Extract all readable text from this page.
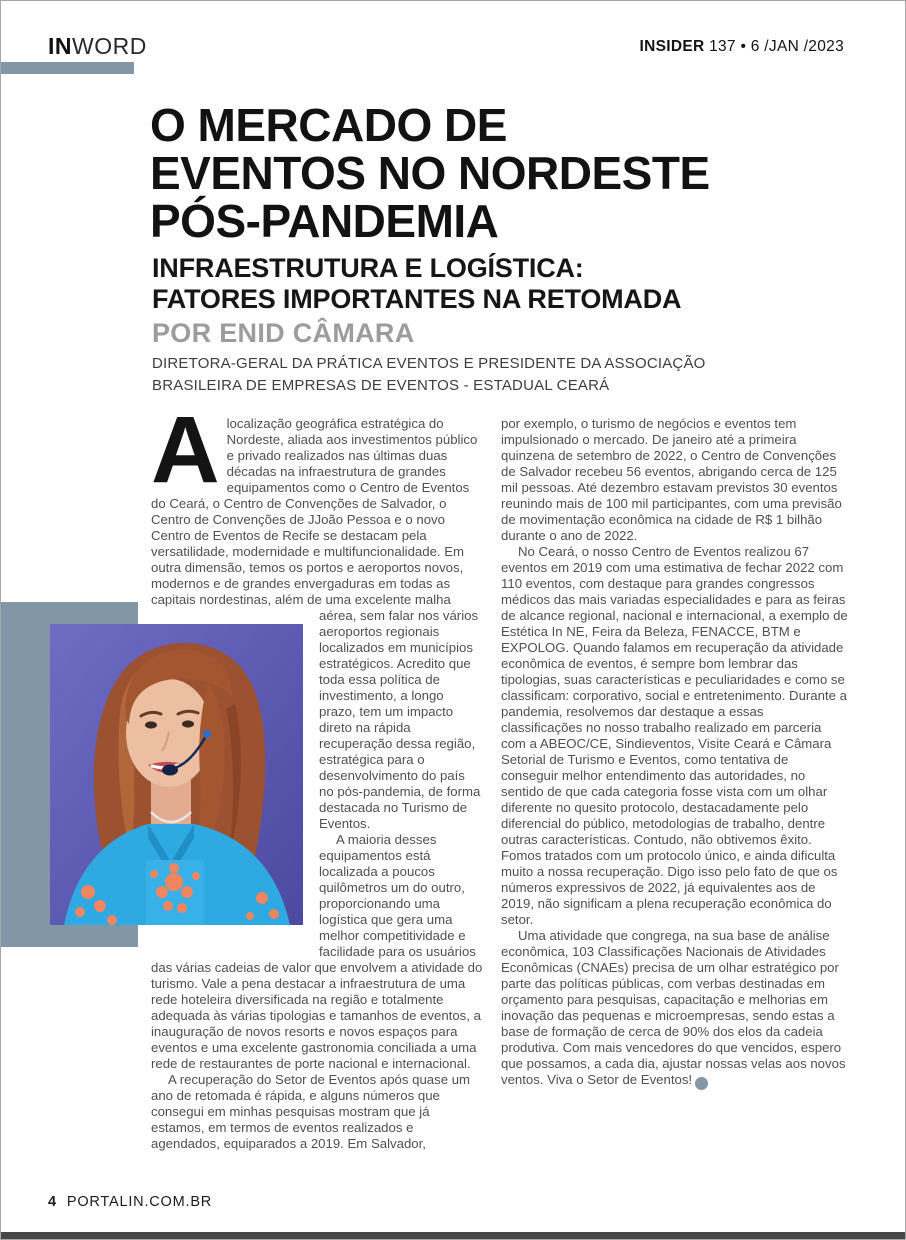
INWORD	INSIDER 137 • 6 /JAN /2023
O MERCADO DE
EVENTOS NO NORDESTE
PÓS-PANDEMIA
INFRAESTRUTURA E LOGÍSTICA:
FATORES IMPORTANTES NA RETOMADA
POR ENID CÂMARA
DIRETORA-GERAL DA PRÁTICA EVENTOS E PRESIDENTE DA ASSOCIAÇÃO
BRASILEIRA DE EMPRESAS DE EVENTOS - ESTADUAL CEARÁ

Alocalização geográfica estratégica do Nordeste, aliada aos investimentos público e privado realizados nas últimas duas décadas na infraestrutura de grandes equipamentos como o Centro de Eventos do Ceará, o Centro de Convenções de Salvador, o Centro de Convenções de JJoão Pessoa e o novo Centro de Eventos de Recife se destacam pela versatilidade, modernidade e multifuncionalidade. Em outra dimensão, temos os portos e aeroportos novos, modernos e de grandes envergaduras em todas as capitais nordestinas, além de uma excelente malha aérea, sem falar nos vários
aeroportos regionais localizados em municípios estratégicos. Acredito que toda essa política de investimento, a longo prazo, tem um impacto direto na rápida recuperação dessa região, estratégica para o desenvolvimento do país no pós-pandemia, de forma destacada no Turismo de Eventos.

A maioria desses equipamentos está localizada a poucos quilômetros um do outro, proporcionando uma logística que gera uma melhor competitividade e facilidade para os usuários das várias cadeias de valor que envolvem a atividade do turismo. Vale a pena destacar a infraestrutura de uma rede hoteleira diversificada na região e totalmente adequada às várias tipologias e tamanhos de eventos, a inauguração de novos resorts e novos espaços para eventos e uma excelente gastronomia conciliada a uma rede de restaurantes de porte nacional e internacional.

A recuperação do Setor de Eventos após quase um ano de retomada é rápida, e alguns números que consegui em minhas pesquisas mostram que já estamos, em termos de eventos realizados e agendados, equiparados a 2019. Em Salvador,

por exemplo, o turismo de negócios e eventos tem impulsionado o mercado. De janeiro até a primeira quinzena de setembro de 2022, o Centro de Convenções de Salvador recebeu 56 eventos, abrigando cerca de 125 mil pessoas. Até dezembro estavam previstos 30 eventos reunindo mais de 100 mil participantes, com uma previsão de movimentação econômica na cidade de R$ 1 bilhão durante o ano de 2022.

No Ceará, o nosso Centro de Eventos realizou 67 eventos em 2019 com uma estimativa de fechar 2022 com 110 eventos, com destaque para grandes congressos médicos das mais variadas especialidades e para as feiras de alcance regional, nacional e internacional, a exemplo de Estética In NE, Feira da Beleza, FENACCE, BTM e EXPOLOG. Quando falamos em recuperação da atividade econômica de eventos, é sempre bom lembrar das tipologias, suas características e peculiaridades e como se classificam: corporativo, social e entretenimento. Durante a pandemia, resolvemos dar destaque a essas classificações no nosso trabalho realizado em parceria com a ABEOC/CE, Sindieventos, Visite Ceará e Câmara Setorial de Turismo e Eventos, como tentativa de conseguir melhor entendimento das autoridades, no sentido de que cada categoria fosse vista com um olhar diferente no quesito protocolo, destacadamente pelo diferencial do público, metodologias de trabalho, dentre outras características. Contudo, não obtivemos êxito. Fomos tratados com um protocolo único, e ainda dificulta muito a nossa recuperação. Digo isso pelo fato de que os números expressivos de 2022, já equivalentes aos de 2019, não significam a plena recuperação econômica do setor.

Uma atividade que congrega, na sua base de análise econômica, 103 Classificações Nacionais de Atividades Econômicas (CNAEs) precisa de um olhar estratégico por parte das políticas públicas, com verbas destinadas em orçamento para pesquisas, capacitação e melhorias em inovação das pequenas e microempresas, sendo estas a base de formação de cerca de 90% dos elos da cadeia produtiva. Com mais vencedores do que vencidos, espero que possamos, a cada dia, ajustar nossas velas aos novos ventos. Viva o Setor de Eventos! ✱

4 PORTALIN.COM.BR
